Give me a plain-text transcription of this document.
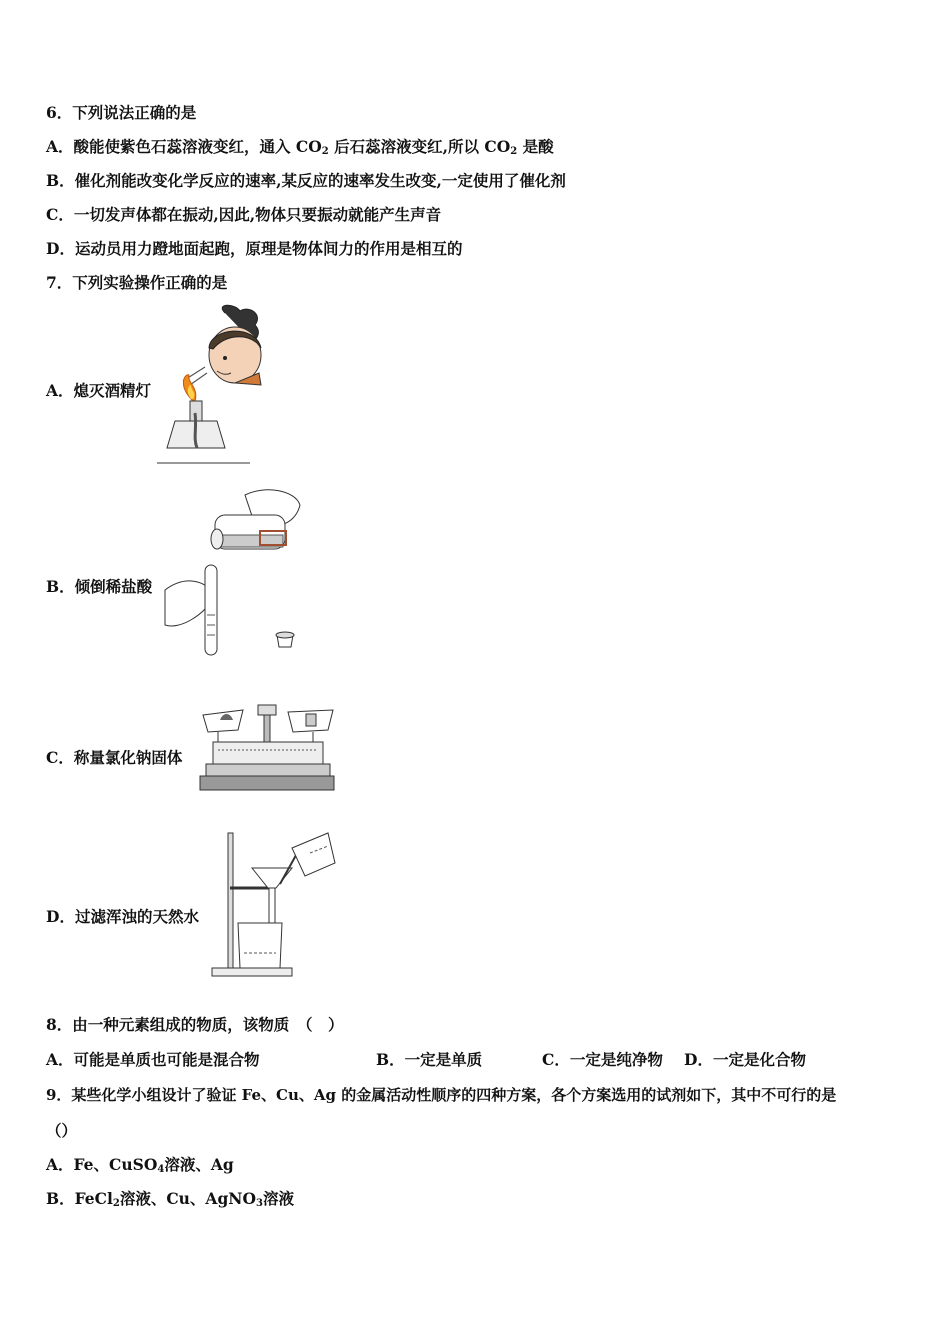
6．下列说法正确的是
A．酸能使紫色石蕊溶液变红，通入 $CO_2$ 后石蕊溶液变红,所以 $CO_2$ 是酸
B．催化剂能改变化学反应的速率,某反应的速率发生改变,一定使用了催化剂
C．一切发声体都在振动,因此,物体只要振动就能产生声音
D．运动员用力蹬地面起跑，原理是物体间力的作用是相互的
7．下列实验操作正确的是
A．熄灭酒精灯
B．倾倒稀盐酸
C．称量氯化钠固体
D．过滤浑浊的天然水
8．由一种元素组成的物质，该物质　（　）
A．可能是单质也可能是混合物	B．一定是单质	C．一定是纯净物 D．一定是化合物
9．某些化学小组设计了验证 Fe、Cu、Ag 的金属活动性顺序的四种方案，各个方案选用的试剂如下，其中不可行的是
（）
A．Fe、CuSO$_4$溶液、Ag
B．FeCl$_2$溶液、Cu、AgNO$_3$溶液
